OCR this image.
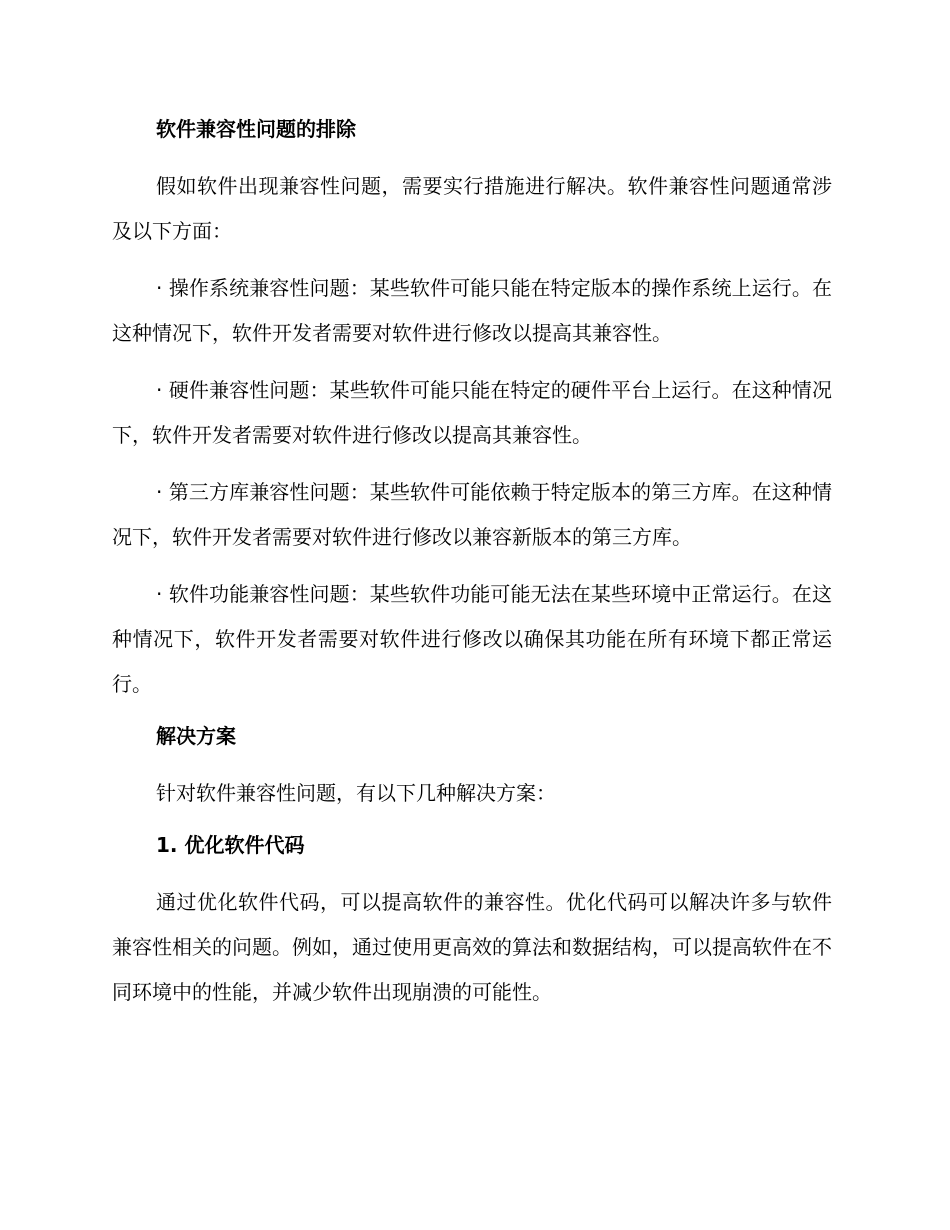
软件兼容性问题的排除
假如软件出现兼容性问题，需要实行措施进行解决。软件兼容性问题通常涉及以下方面：
· 操作系统兼容性问题：某些软件可能只能在特定版本的操作系统上运行。在这种情况下，软件开发者需要对软件进行修改以提高其兼容性。
· 硬件兼容性问题：某些软件可能只能在特定的硬件平台上运行。在这种情况下，软件开发者需要对软件进行修改以提高其兼容性。
· 第三方库兼容性问题：某些软件可能依赖于特定版本的第三方库。在这种情况下，软件开发者需要对软件进行修改以兼容新版本的第三方库。
· 软件功能兼容性问题：某些软件功能可能无法在某些环境中正常运行。在这种情况下，软件开发者需要对软件进行修改以确保其功能在所有环境下都正常运行。
解决方案
针对软件兼容性问题，有以下几种解决方案：
1. 优化软件代码
通过优化软件代码，可以提高软件的兼容性。优化代码可以解决许多与软件兼容性相关的问题。例如，通过使用更高效的算法和数据结构，可以提高软件在不同环境中的性能，并减少软件出现崩溃的可能性。
